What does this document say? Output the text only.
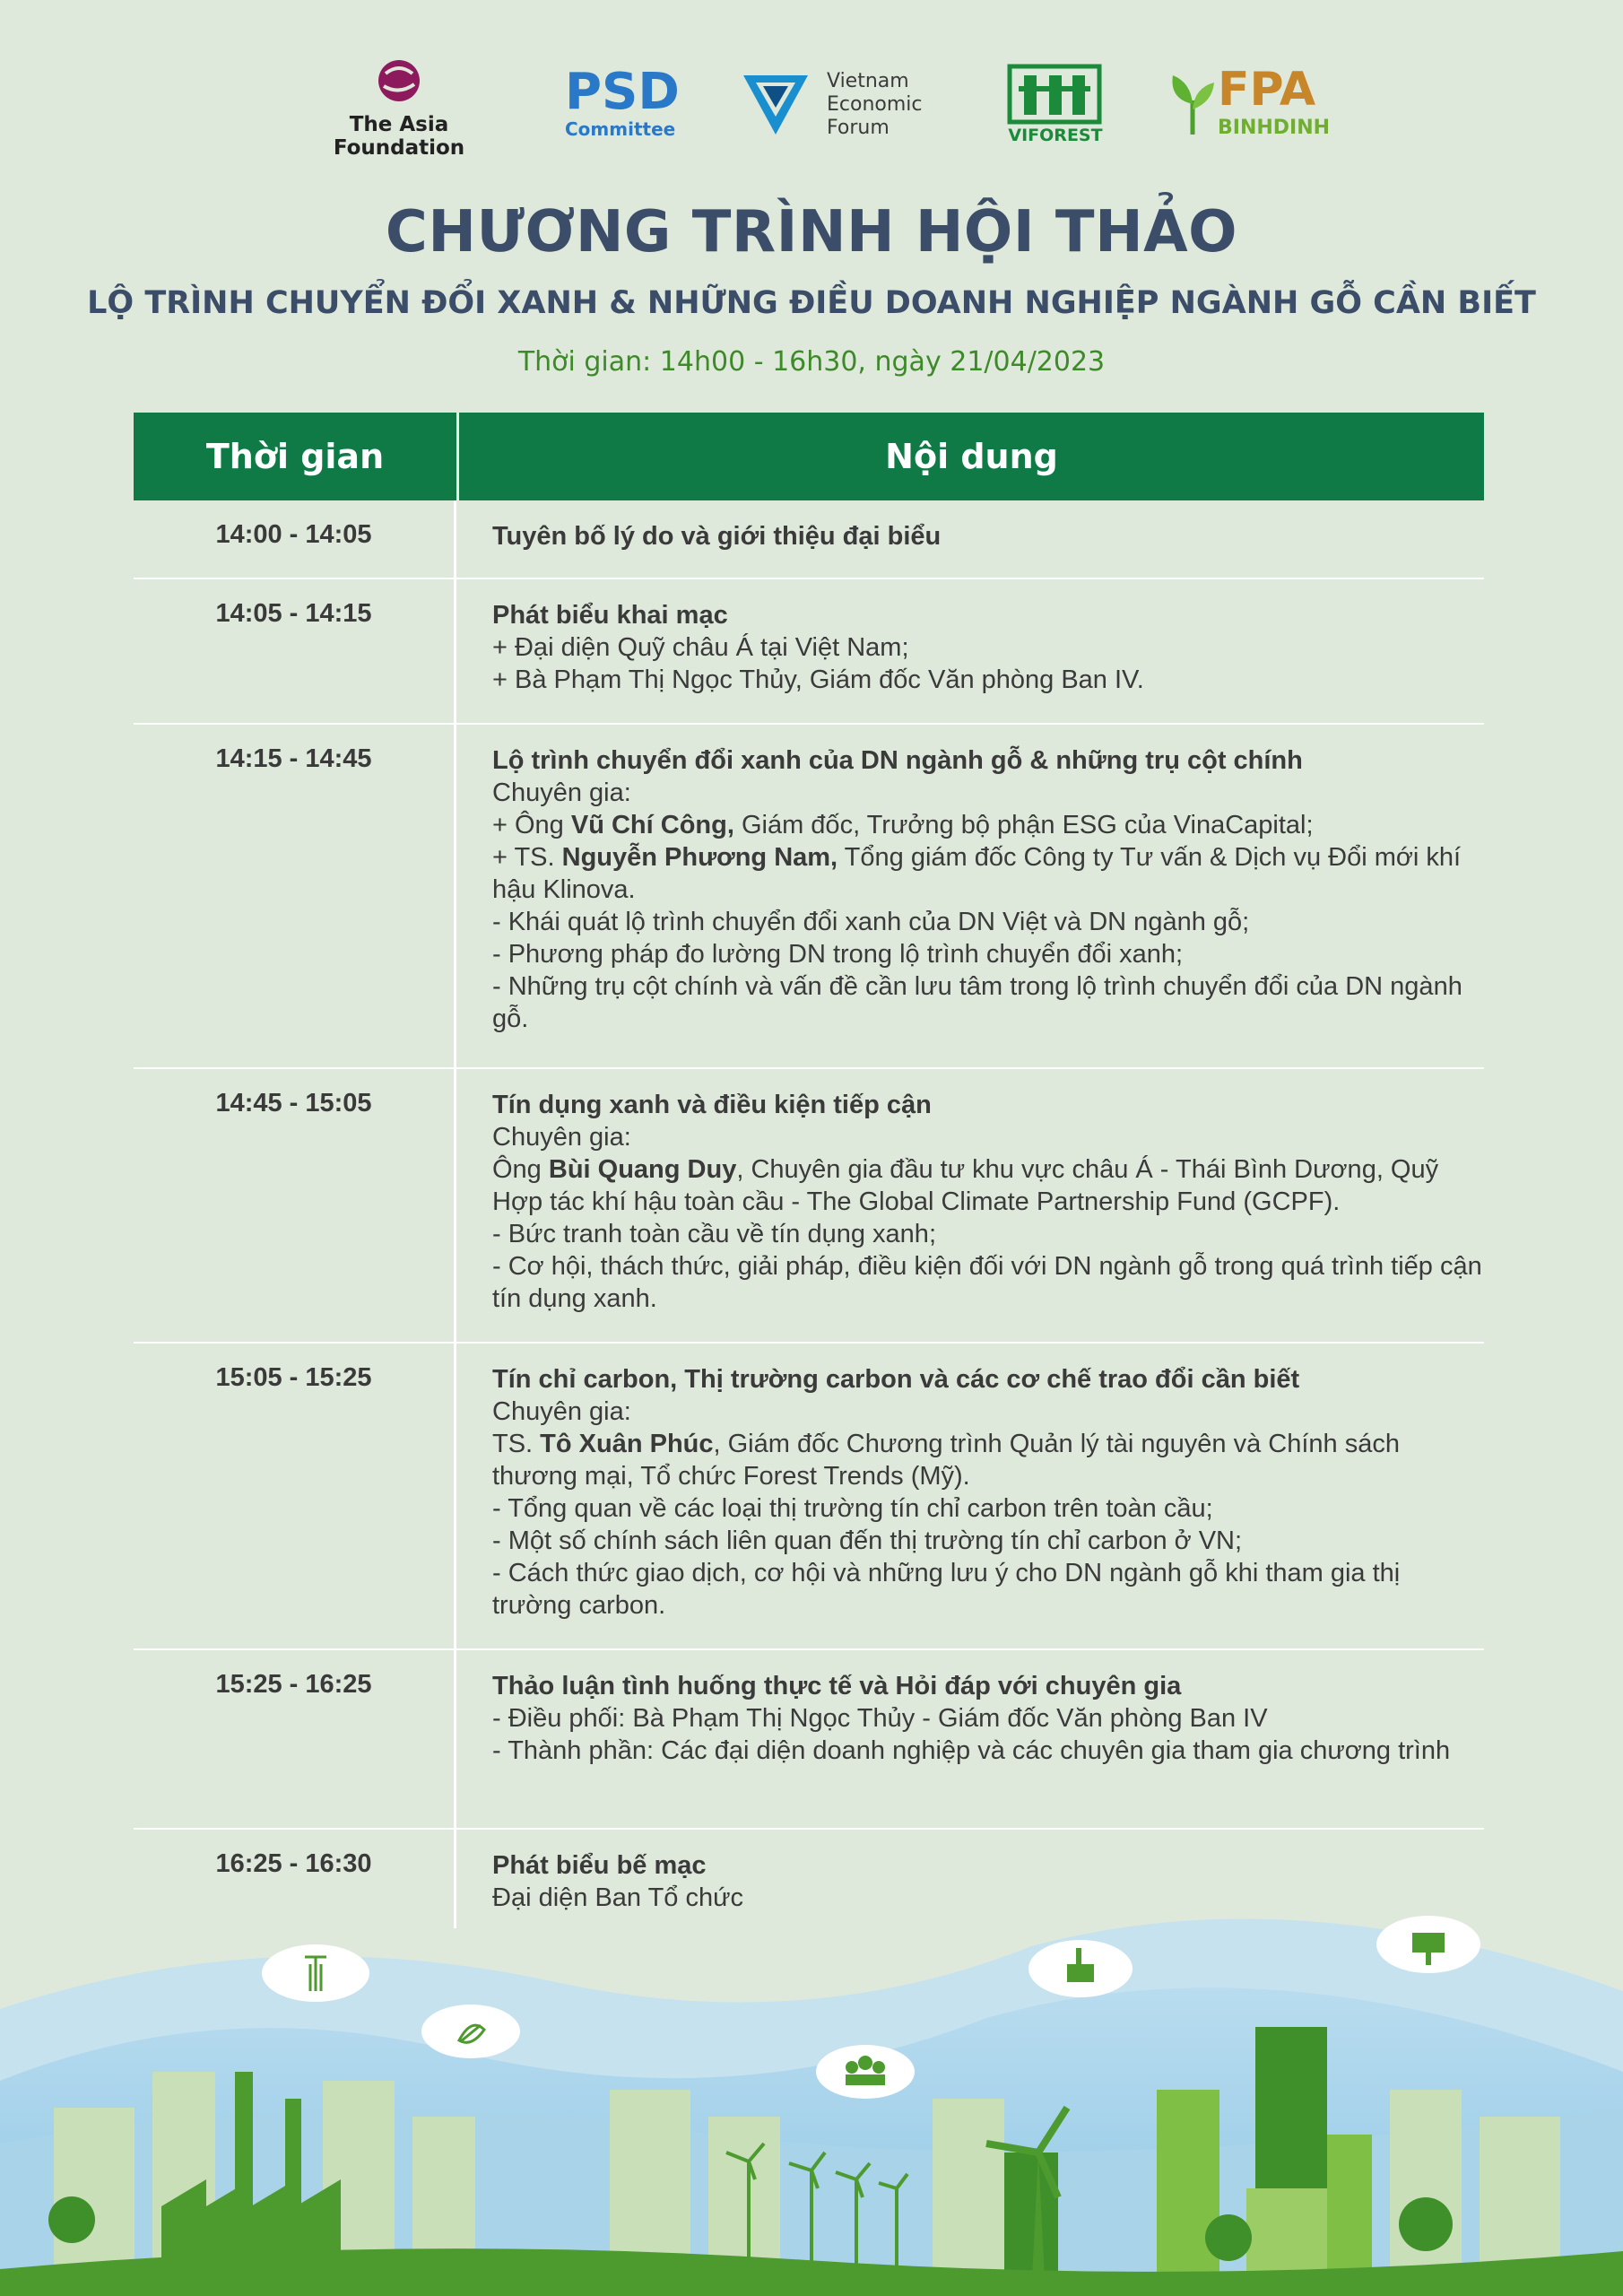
The Asia Foundation
PSD
Committee
Vietnam
Economic
Forum	VIFOREST
FPA
BINHDINH
CHƯƠNG TRÌNH HỘI THẢO
LỘ TRÌNH CHUYỂN ĐỔI XANH & NHỮNG ĐIỀU DOANH NGHIỆP NGÀNH GỖ CẦN BIẾT
Thời gian: 14h00 - 16h30, ngày 21/04/2023
Thời gian	Nội dung
14:00 - 14:05	Tuyên bố lý do và giới thiệu đại biểu
14:05 - 14:15	Phát biểu khai mạc
+ Đại diện Quỹ châu Á tại Việt Nam;
+ Bà Phạm Thị Ngọc Thủy, Giám đốc Văn phòng Ban IV.
14:15 - 14:45	Lộ trình chuyển đổi xanh của DN ngành gỗ & những trụ cột chính
Chuyên gia:
+ Ông Vũ Chí Công, Giám đốc, Trưởng bộ phận ESG của VinaCapital;
+ TS. Nguyễn Phương Nam, Tổng giám đốc Công ty Tư vấn & Dịch vụ Đổi mới khí hậu Klinova.
- Khái quát lộ trình chuyển đổi xanh của DN Việt và DN ngành gỗ;
- Phương pháp đo lường DN trong lộ trình chuyển đổi xanh;
- Những trụ cột chính và vấn đề cần lưu tâm trong lộ trình chuyển đổi của DN ngành gỗ.
14:45 - 15:05	Tín dụng xanh và điều kiện tiếp cận
Chuyên gia:
Ông Bùi Quang Duy, Chuyên gia đầu tư khu vực châu Á - Thái Bình Dương, Quỹ Hợp tác khí hậu toàn cầu - The Global Climate Partnership Fund (GCPF).
- Bức tranh toàn cầu về tín dụng xanh;
- Cơ hội, thách thức, giải pháp, điều kiện đối với DN ngành gỗ trong quá trình tiếp cận tín dụng xanh.
15:05 - 15:25	Tín chỉ carbon, Thị trường carbon và các cơ chế trao đổi cần biết
Chuyên gia:
TS. Tô Xuân Phúc, Giám đốc Chương trình Quản lý tài nguyên và Chính sách thương mại, Tổ chức Forest Trends (Mỹ).
- Tổng quan về các loại thị trường tín chỉ carbon trên toàn cầu;
- Một số chính sách liên quan đến thị trường tín chỉ carbon ở VN;
- Cách thức giao dịch, cơ hội và những lưu ý cho DN ngành gỗ khi tham gia thị trường carbon.
15:25 - 16:25	Thảo luận tình huống thực tế và Hỏi đáp với chuyên gia
- Điều phối: Bà Phạm Thị Ngọc Thủy - Giám đốc Văn phòng Ban IV
- Thành phần: Các đại diện doanh nghiệp và các chuyên gia tham gia chương trình
16:25 - 16:30	Phát biểu bế mạc
Đại diện Ban Tổ chức
